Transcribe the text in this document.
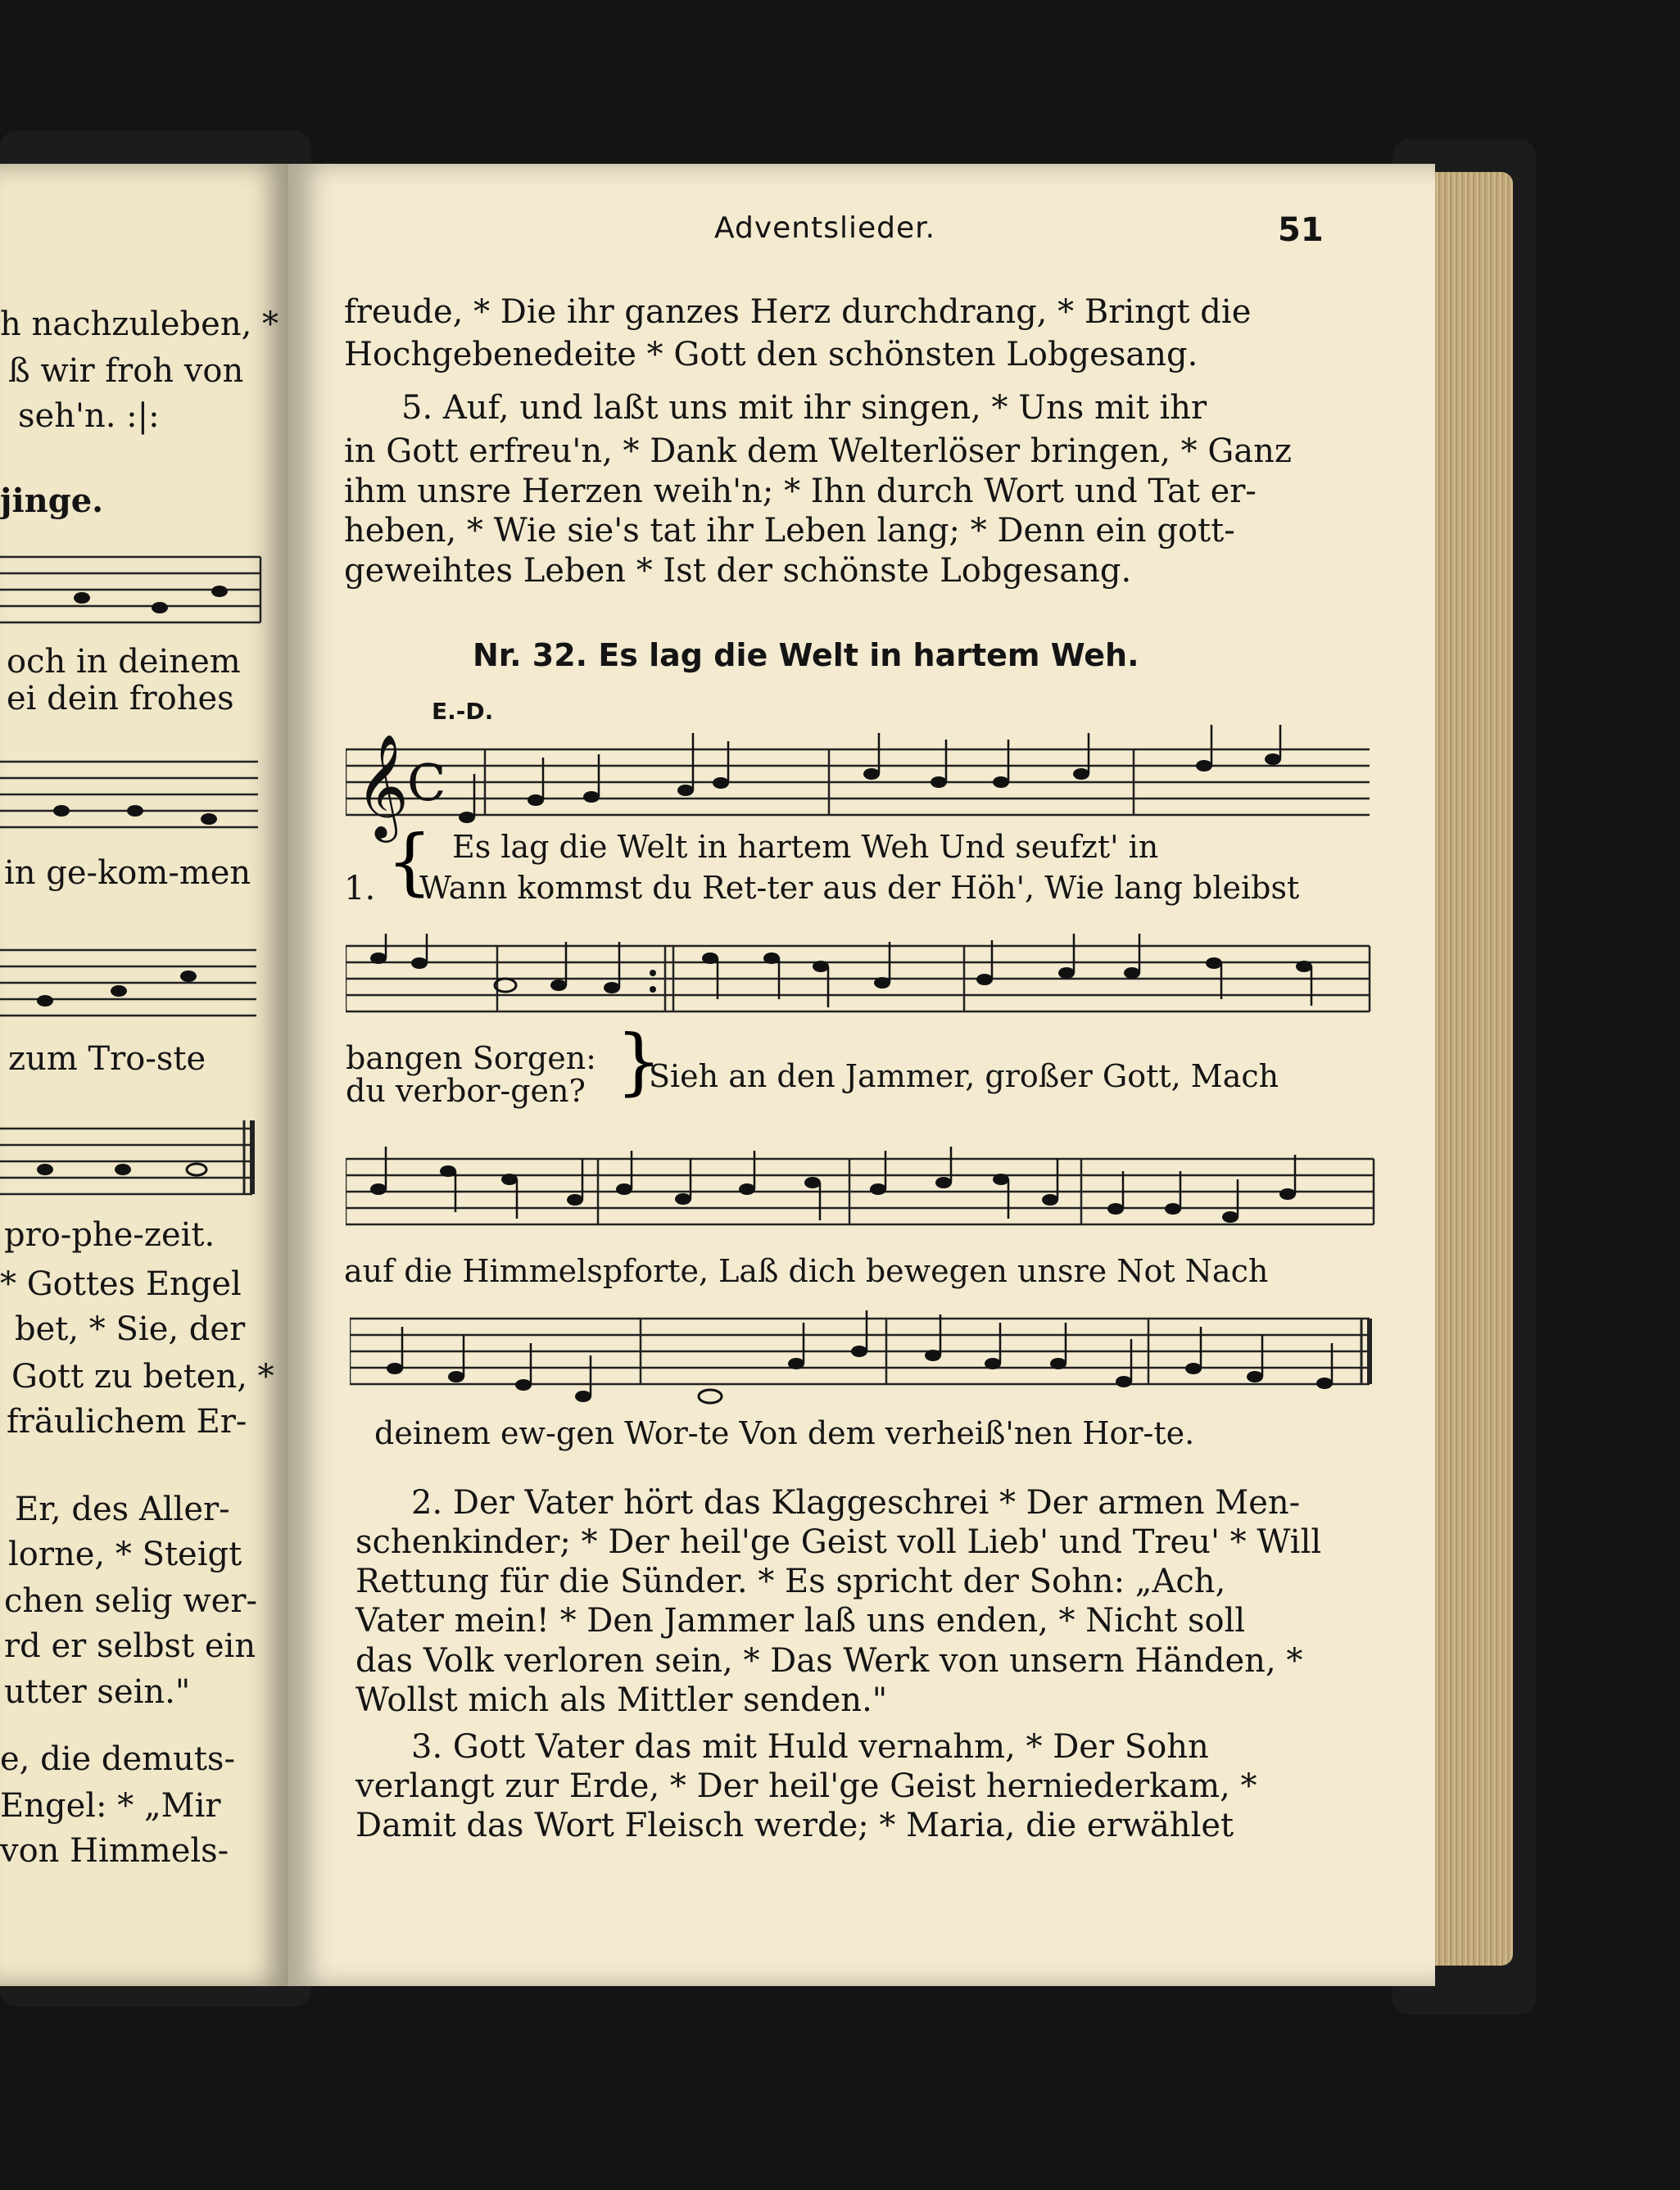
h nachzuleben, *
ß wir froh von
seh'n. :|:
jinge.
och in deinem
ei dein frohes
in ge-kom-men
zum Tro-ste
pro-phe-zeit.
* Gottes Engel
bet, * Sie, der
Gott zu beten, *
fräulichem Er-
Er, des Aller-
lorne, * Steigt
chen selig wer-
rd er selbst ein
utter sein."
e, die demuts-
Engel: * „Mir
von Himmels-
Adventslieder.	51
freude, * Die ihr ganzes Herz durchdrang, * Bringt die
Hochgebenedeite * Gott den schönsten Lobgesang.
5. Auf, und laßt uns mit ihr singen, * Uns mit ihr
in Gott erfreu'n, * Dank dem Welterlöser bringen, * Ganz
ihm unsre Herzen weih'n; * Ihn durch Wort und Tat er-
heben, * Wie sie's tat ihr Leben lang; * Denn ein gott-
geweihtes Leben * Ist der schönste Lobgesang.
Nr. 32. Es lag die Welt in hartem Weh.
E.-D.
𝄞
C
1. { Es lag die Welt in hartem Weh Und seufzt' in
Wann kommst du Ret-ter aus der Höh', Wie lang bleibst
bangen Sorgen:
du verbor-gen? {
Sieh an den Jammer, großer Gott, Mach
auf die Himmelspforte, Laß dich bewegen unsre Not Nach
deinem ew-gen Wor-te Von dem verheiß'nen Hor-te.
2. Der Vater hört das Klaggeschrei * Der armen Men-
schenkinder; * Der heil'ge Geist voll Lieb' und Treu' * Will
Rettung für die Sünder. * Es spricht der Sohn: „Ach,
Vater mein! * Den Jammer laß uns enden, * Nicht soll
das Volk verloren sein, * Das Werk von unsern Händen, *
Wollst mich als Mittler senden."
3. Gott Vater das mit Huld vernahm, * Der Sohn
verlangt zur Erde, * Der heil'ge Geist herniederkam, *
Damit das Wort Fleisch werde; * Maria, die erwählet
